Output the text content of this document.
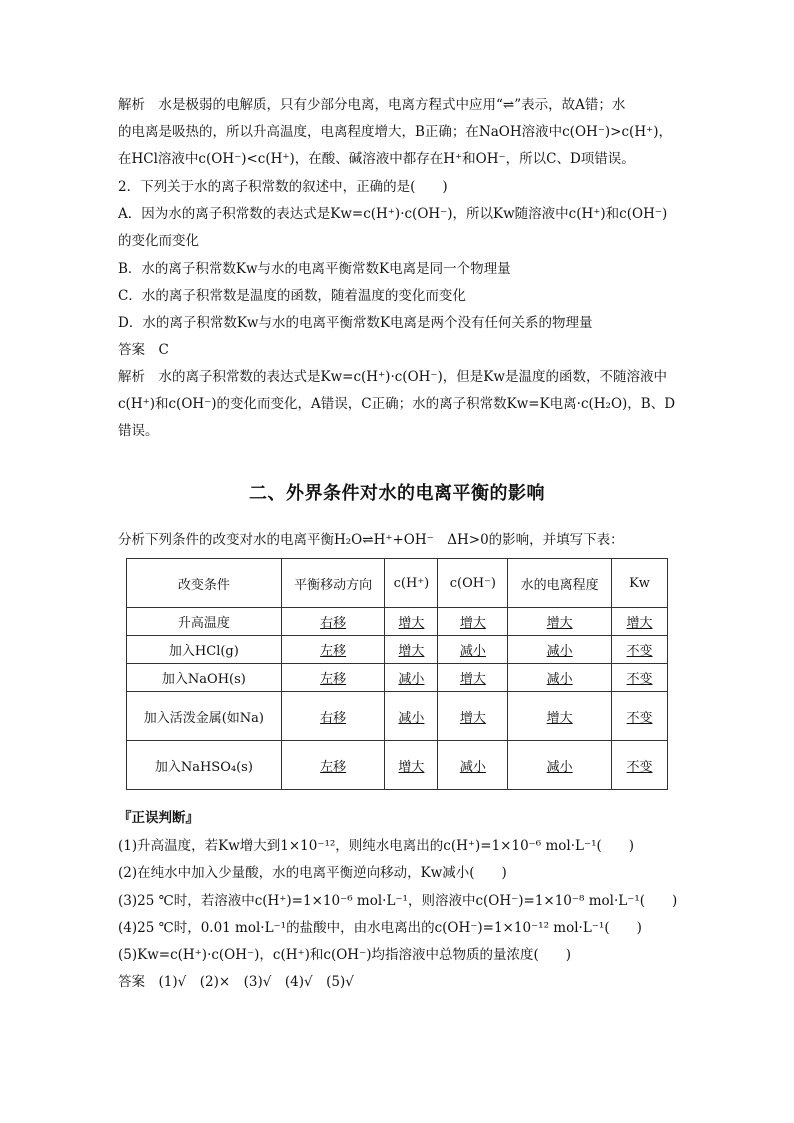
解析　水是极弱的电解质，只有少部分电离，电离方程式中应用“⇌”表示，故A错；水
的电离是吸热的，所以升高温度，电离程度增大，B正确；在NaOH溶液中c(OH⁻)>c(H⁺)，
在HCl溶液中c(OH⁻)<c(H⁺)，在酸、碱溶液中都存在H⁺和OH⁻，所以C、D项错误。
2．下列关于水的离子积常数的叙述中，正确的是(　　)
A．因为水的离子积常数的表达式是Kw=c(H⁺)·c(OH⁻)，所以Kw随溶液中c(H⁺)和c(OH⁻)
的变化而变化
B．水的离子积常数Kw与水的电离平衡常数K电离是同一个物理量
C．水的离子积常数是温度的函数，随着温度的变化而变化
D．水的离子积常数Kw与水的电离平衡常数K电离是两个没有任何关系的物理量
答案　C
解析　水的离子积常数的表达式是Kw=c(H⁺)·c(OH⁻)，但是Kw是温度的函数，不随溶液中
c(H⁺)和c(OH⁻)的变化而变化，A错误，C正确；水的离子积常数Kw=K电离·c(H₂O)，B、D
错误。
二、外界条件对水的电离平衡的影响
分析下列条件的改变对水的电离平衡H₂O⇌H⁺+OH⁻　ΔH>0的影响，并填写下表：
改变条件	平衡移动方向	c(H⁺)	c(OH⁻)	水的电离程度	Kw
升高温度	右移	增大	增大	增大	增大
加入HCl(g)	左移	增大	减小	减小	不变
加入NaOH(s)	左移	减小	增大	减小	不变
加入活泼金属(如Na)	右移	减小	增大	增大	不变
加入NaHSO₄(s)	左移	增大	减小	减小	不变
『正误判断』
(1)升高温度，若Kw增大到1×10⁻¹²，则纯水电离出的c(H⁺)=1×10⁻⁶ mol·L⁻¹(　　)
(2)在纯水中加入少量酸，水的电离平衡逆向移动，Kw减小(　　)
(3)25 ℃时，若溶液中c(H⁺)=1×10⁻⁶ mol·L⁻¹，则溶液中c(OH⁻)=1×10⁻⁸ mol·L⁻¹(　　)
(4)25 ℃时，0.01 mol·L⁻¹的盐酸中，由水电离出的c(OH⁻)=1×10⁻¹² mol·L⁻¹(　　)
(5)Kw=c(H⁺)·c(OH⁻)，c(H⁺)和c(OH⁻)均指溶液中总物质的量浓度(　　)
答案　(1)√　(2)×　(3)√　(4)√　(5)√
